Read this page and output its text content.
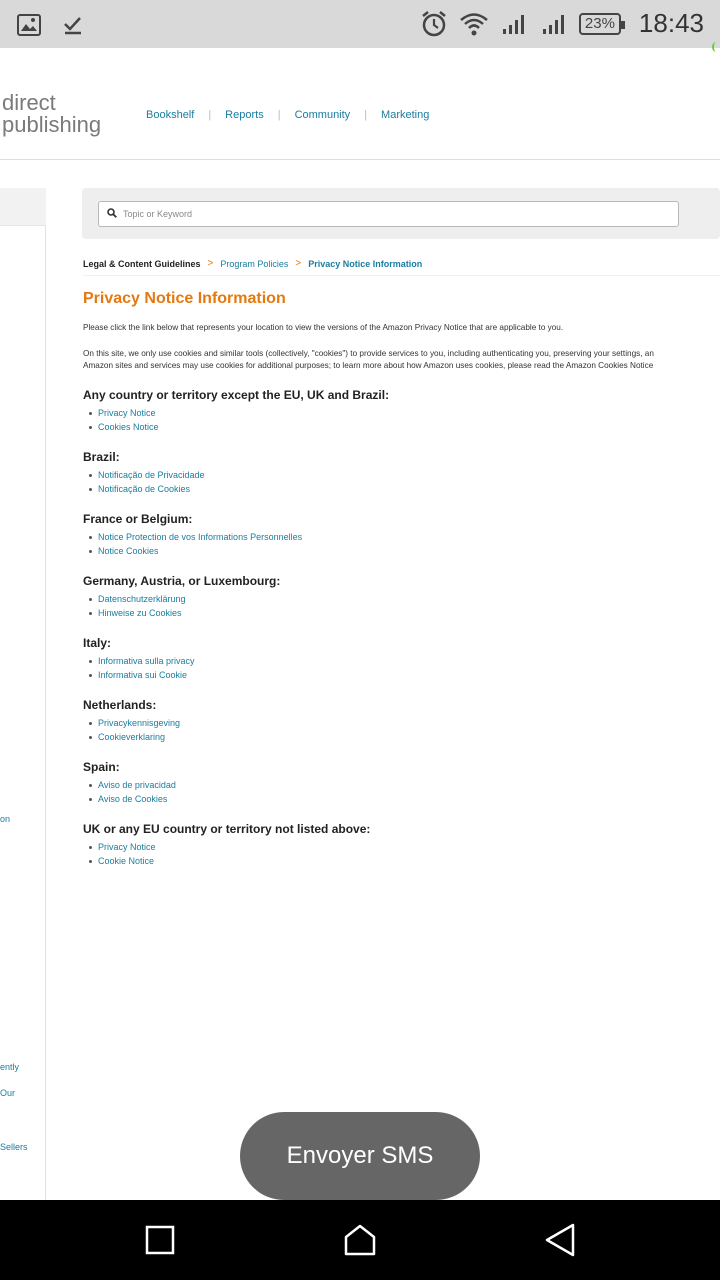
23% 18:43
direct
publishing	Bookshelf | Reports | Community | Marketing
on
ently
Our
Sellers
Topic or Keyword
Legal & Content Guidelines > Program Policies > Privacy Notice Information
Privacy Notice Information

Please click the link below that represents your location to view the versions of the Amazon Privacy Notice that are applicable to you.

On this site, we only use cookies and similar tools (collectively, "cookies") to provide services to you, including authenticating you, preserving your settings, an
Amazon sites and services may use cookies for additional purposes; to learn more about how Amazon uses cookies, please read the Amazon Cookies Notice
Any country or territory except the EU, UK and Brazil:
Privacy Notice
Cookies Notice
Brazil:
Notificação de Privacidade
Notificação de Cookies
France or Belgium:
Notice Protection de vos Informations Personnelles
Notice Cookies
Germany, Austria, or Luxembourg:
Datenschutzerklärung
Hinweise zu Cookies
Italy:
Informativa sulla privacy
Informativa sui Cookie
Netherlands:
Privacykennisgeving
Cookieverklaring
Spain:
Aviso de privacidad
Aviso de Cookies
UK or any EU country or territory not listed above:
Privacy Notice
Cookie Notice
Envoyer SMS
